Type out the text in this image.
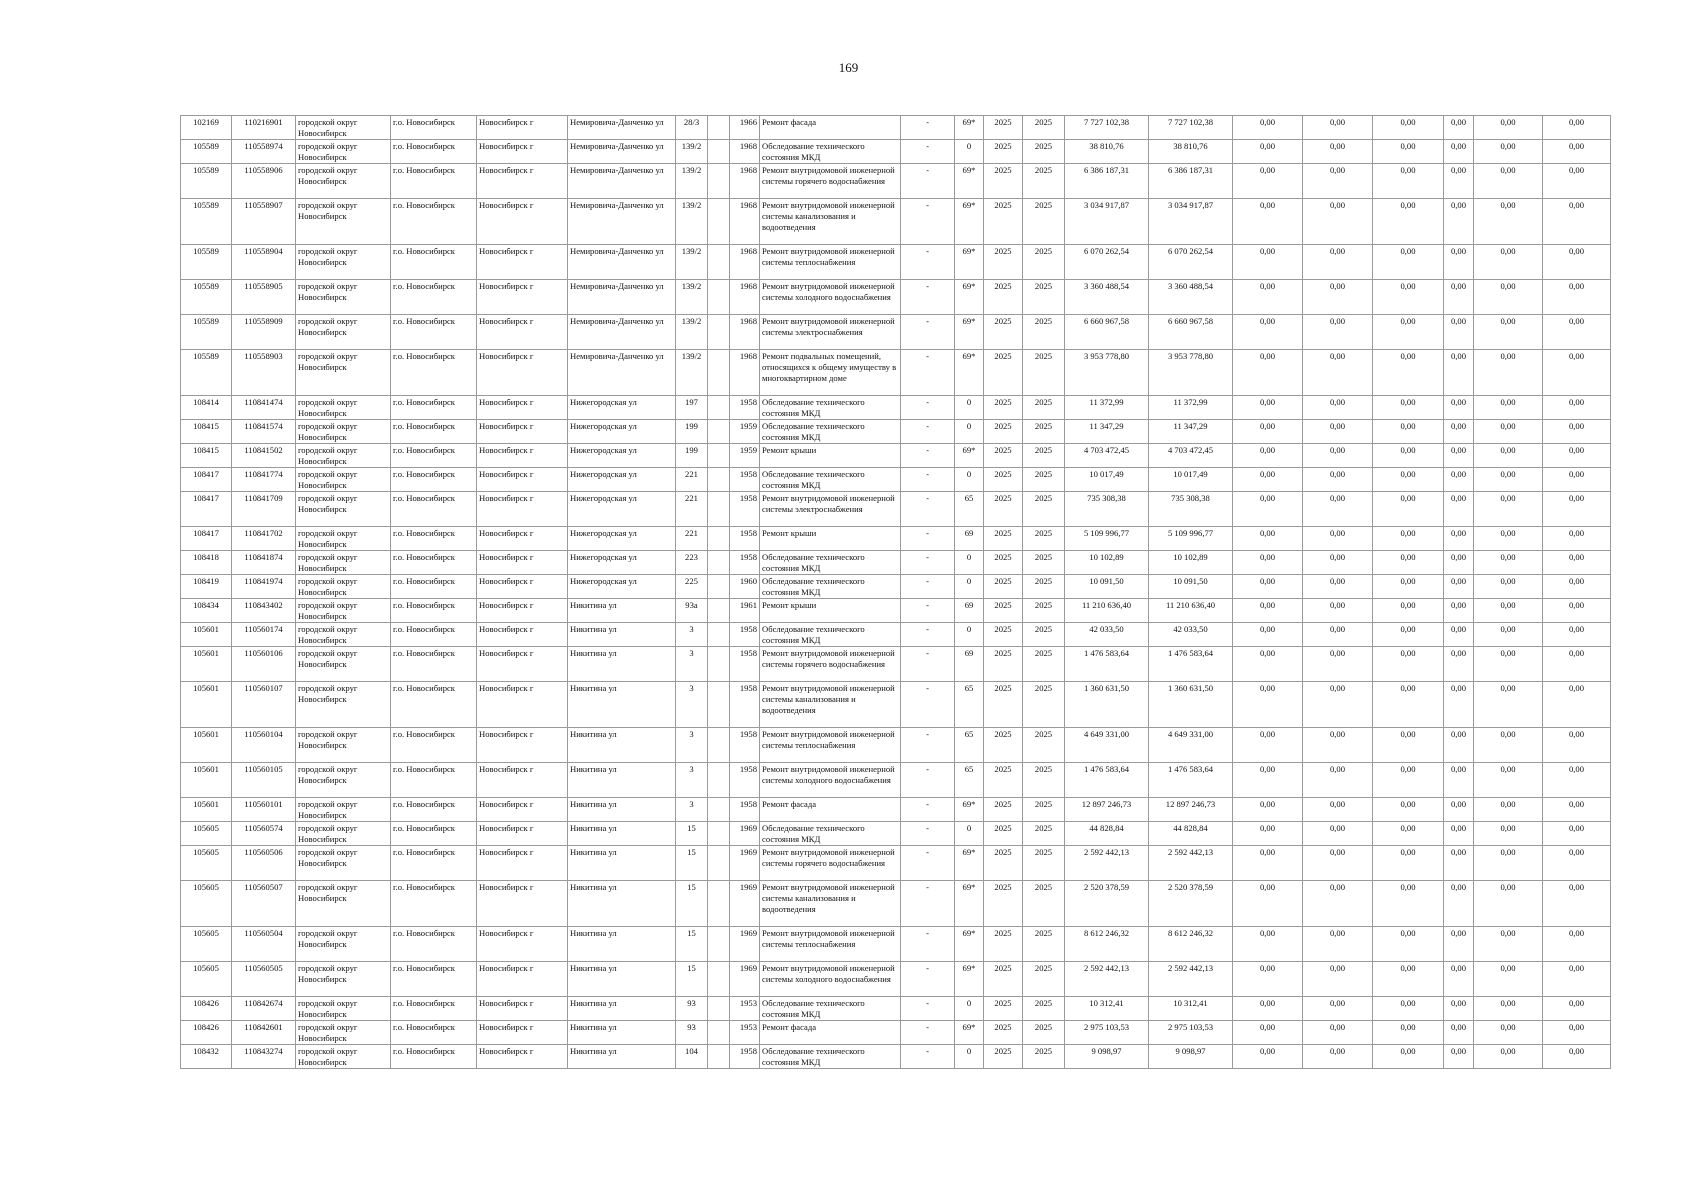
169
102169	110216901	городской округ Новосибирск	г.о. Новосибирск	Новосибирск г	Немировича-Данченко ул	28/3		1966	Ремонт фасада	-	69*	2025	2025	7 727 102,38	7 727 102,38	0,00	0,00	0,00	0,00	0,00	0,00
105589	110558974	городской округ Новосибирск	г.о. Новосибирск	Новосибирск г	Немировича-Данченко ул	139/2		1968	Обследование технического состояния МКД	-	0	2025	2025	38 810,76	38 810,76	0,00	0,00	0,00	0,00	0,00	0,00
105589	110558906	городской округ Новосибирск	г.о. Новосибирск	Новосибирск г	Немировича-Данченко ул	139/2		1968	Ремонт внутридомовой инженерной системы горячего водоснабжения	-	69*	2025	2025	6 386 187,31	6 386 187,31	0,00	0,00	0,00	0,00	0,00	0,00
105589	110558907	городской округ Новосибирск	г.о. Новосибирск	Новосибирск г	Немировича-Данченко ул	139/2		1968	Ремонт внутридомовой инженерной системы канализования и водоотведения	-	69*	2025	2025	3 034 917,87	3 034 917,87	0,00	0,00	0,00	0,00	0,00	0,00
105589	110558904	городской округ Новосибирск	г.о. Новосибирск	Новосибирск г	Немировича-Данченко ул	139/2		1968	Ремонт внутридомовой инженерной системы теплоснабжения	-	69*	2025	2025	6 070 262,54	6 070 262,54	0,00	0,00	0,00	0,00	0,00	0,00
105589	110558905	городской округ Новосибирск	г.о. Новосибирск	Новосибирск г	Немировича-Данченко ул	139/2		1968	Ремонт внутридомовой инженерной системы холодного водоснабжения	-	69*	2025	2025	3 360 488,54	3 360 488,54	0,00	0,00	0,00	0,00	0,00	0,00
105589	110558909	городской округ Новосибирск	г.о. Новосибирск	Новосибирск г	Немировича-Данченко ул	139/2		1968	Ремонт внутридомовой инженерной системы электроснабжения	-	69*	2025	2025	6 660 967,58	6 660 967,58	0,00	0,00	0,00	0,00	0,00	0,00
105589	110558903	городской округ Новосибирск	г.о. Новосибирск	Новосибирск г	Немировича-Данченко ул	139/2		1968	Ремонт подвальных помещений, относящихся к общему имуществу в многоквартирном доме	-	69*	2025	2025	3 953 778,80	3 953 778,80	0,00	0,00	0,00	0,00	0,00	0,00
108414	110841474	городской округ Новосибирск	г.о. Новосибирск	Новосибирск г	Нижегородская ул	197		1958	Обследование технического состояния МКД	-	0	2025	2025	11 372,99	11 372,99	0,00	0,00	0,00	0,00	0,00	0,00
108415	110841574	городской округ Новосибирск	г.о. Новосибирск	Новосибирск г	Нижегородская ул	199		1959	Обследование технического состояния МКД	-	0	2025	2025	11 347,29	11 347,29	0,00	0,00	0,00	0,00	0,00	0,00
108415	110841502	городской округ Новосибирск	г.о. Новосибирск	Новосибирск г	Нижегородская ул	199		1959	Ремонт крыши	-	69*	2025	2025	4 703 472,45	4 703 472,45	0,00	0,00	0,00	0,00	0,00	0,00
108417	110841774	городской округ Новосибирск	г.о. Новосибирск	Новосибирск г	Нижегородская ул	221		1958	Обследование технического состояния МКД	-	0	2025	2025	10 017,49	10 017,49	0,00	0,00	0,00	0,00	0,00	0,00
108417	110841709	городской округ Новосибирск	г.о. Новосибирск	Новосибирск г	Нижегородская ул	221		1958	Ремонт внутридомовой инженерной системы электроснабжения	-	65	2025	2025	735 308,38	735 308,38	0,00	0,00	0,00	0,00	0,00	0,00
108417	110841702	городской округ Новосибирск	г.о. Новосибирск	Новосибирск г	Нижегородская ул	221		1958	Ремонт крыши	-	69	2025	2025	5 109 996,77	5 109 996,77	0,00	0,00	0,00	0,00	0,00	0,00
108418	110841874	городской округ Новосибирск	г.о. Новосибирск	Новосибирск г	Нижегородская ул	223		1958	Обследование технического состояния МКД	-	0	2025	2025	10 102,89	10 102,89	0,00	0,00	0,00	0,00	0,00	0,00
108419	110841974	городской округ Новосибирск	г.о. Новосибирск	Новосибирск г	Нижегородская ул	225		1960	Обследование технического состояния МКД	-	0	2025	2025	10 091,50	10 091,50	0,00	0,00	0,00	0,00	0,00	0,00
108434	110843402	городской округ Новосибирск	г.о. Новосибирск	Новосибирск г	Никитина ул	93а		1961	Ремонт крыши	-	69	2025	2025	11 210 636,40	11 210 636,40	0,00	0,00	0,00	0,00	0,00	0,00
105601	110560174	городской округ Новосибирск	г.о. Новосибирск	Новосибирск г	Никитина ул	3		1958	Обследование технического состояния МКД	-	0	2025	2025	42 033,50	42 033,50	0,00	0,00	0,00	0,00	0,00	0,00
105601	110560106	городской округ Новосибирск	г.о. Новосибирск	Новосибирск г	Никитина ул	3		1958	Ремонт внутридомовой инженерной системы горячего водоснабжения	-	69	2025	2025	1 476 583,64	1 476 583,64	0,00	0,00	0,00	0,00	0,00	0,00
105601	110560107	городской округ Новосибирск	г.о. Новосибирск	Новосибирск г	Никитина ул	3		1958	Ремонт внутридомовой инженерной системы канализования и водоотведения	-	65	2025	2025	1 360 631,50	1 360 631,50	0,00	0,00	0,00	0,00	0,00	0,00
105601	110560104	городской округ Новосибирск	г.о. Новосибирск	Новосибирск г	Никитина ул	3		1958	Ремонт внутридомовой инженерной системы теплоснабжения	-	65	2025	2025	4 649 331,00	4 649 331,00	0,00	0,00	0,00	0,00	0,00	0,00
105601	110560105	городской округ Новосибирск	г.о. Новосибирск	Новосибирск г	Никитина ул	3		1958	Ремонт внутридомовой инженерной системы холодного водоснабжения	-	65	2025	2025	1 476 583,64	1 476 583,64	0,00	0,00	0,00	0,00	0,00	0,00
105601	110560101	городской округ Новосибирск	г.о. Новосибирск	Новосибирск г	Никитина ул	3		1958	Ремонт фасада	-	69*	2025	2025	12 897 246,73	12 897 246,73	0,00	0,00	0,00	0,00	0,00	0,00
105605	110560574	городской округ Новосибирск	г.о. Новосибирск	Новосибирск г	Никитина ул	15		1969	Обследование технического состояния МКД	-	0	2025	2025	44 828,84	44 828,84	0,00	0,00	0,00	0,00	0,00	0,00
105605	110560506	городской округ Новосибирск	г.о. Новосибирск	Новосибирск г	Никитина ул	15		1969	Ремонт внутридомовой инженерной системы горячего водоснабжения	-	69*	2025	2025	2 592 442,13	2 592 442,13	0,00	0,00	0,00	0,00	0,00	0,00
105605	110560507	городской округ Новосибирск	г.о. Новосибирск	Новосибирск г	Никитина ул	15		1969	Ремонт внутридомовой инженерной системы канализования и водоотведения	-	69*	2025	2025	2 520 378,59	2 520 378,59	0,00	0,00	0,00	0,00	0,00	0,00
105605	110560504	городской округ Новосибирск	г.о. Новосибирск	Новосибирск г	Никитина ул	15		1969	Ремонт внутридомовой инженерной системы теплоснабжения	-	69*	2025	2025	8 612 246,32	8 612 246,32	0,00	0,00	0,00	0,00	0,00	0,00
105605	110560505	городской округ Новосибирск	г.о. Новосибирск	Новосибирск г	Никитина ул	15		1969	Ремонт внутридомовой инженерной системы холодного водоснабжения	-	69*	2025	2025	2 592 442,13	2 592 442,13	0,00	0,00	0,00	0,00	0,00	0,00
108426	110842674	городской округ Новосибирск	г.о. Новосибирск	Новосибирск г	Никитина ул	93		1953	Обследование технического состояния МКД	-	0	2025	2025	10 312,41	10 312,41	0,00	0,00	0,00	0,00	0,00	0,00
108426	110842601	городской округ Новосибирск	г.о. Новосибирск	Новосибирск г	Никитина ул	93		1953	Ремонт фасада	-	69*	2025	2025	2 975 103,53	2 975 103,53	0,00	0,00	0,00	0,00	0,00	0,00
108432	110843274	городской округ Новосибирск	г.о. Новосибирск	Новосибирск г	Никитина ул	104		1958	Обследование технического состояния МКД	-	0	2025	2025	9 098,97	9 098,97	0,00	0,00	0,00	0,00	0,00	0,00
